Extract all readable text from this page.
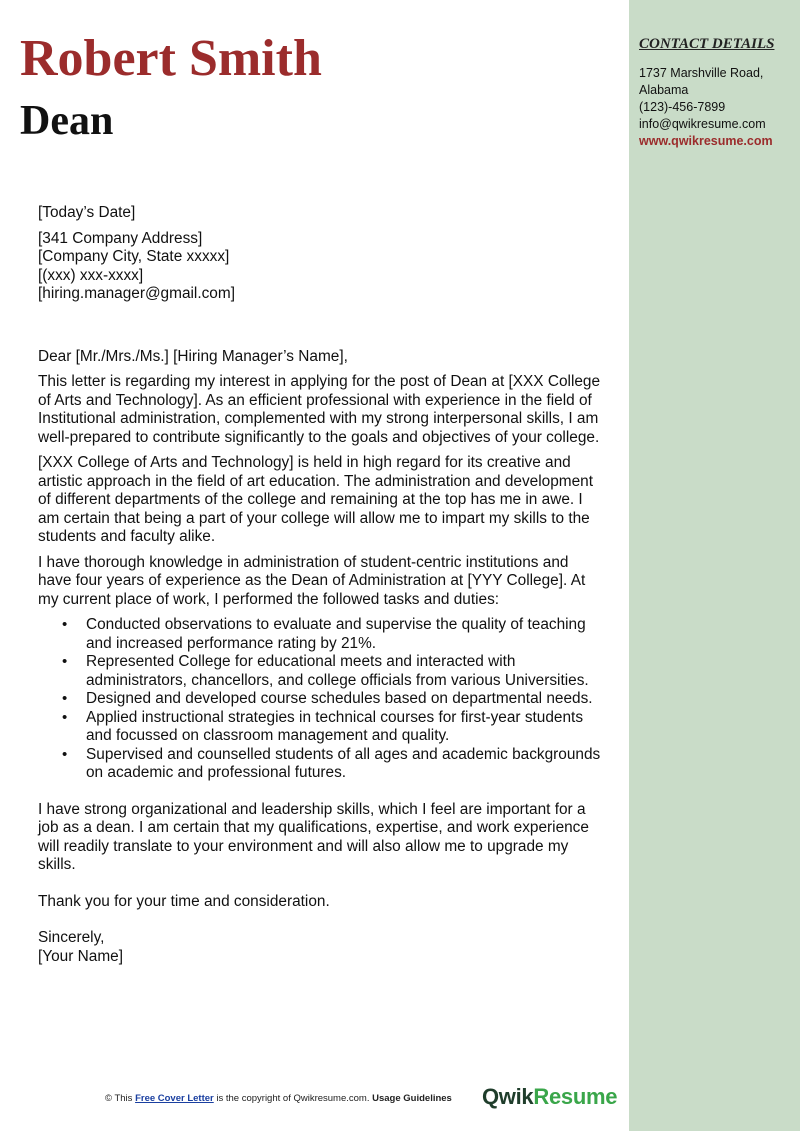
Robert Smith
Dean
CONTACT DETAILS
1737 Marshville Road,
Alabama
(123)-456-7899
info@qwikresume.com
www.qwikresume.com

[Today’s Date]

[341 Company Address]

[Company City, State xxxxx]

[(xxx) xxx-xxxx]

[hiring.manager@gmail.com]

Dear [Mr./Mrs./Ms.] [Hiring Manager’s Name],

This letter is regarding my interest in applying for the post of Dean at [XXX College of Arts and Technology]. As an efficient professional with experience in the field of Institutional administration, complemented with my strong interpersonal skills, I am well-prepared to contribute significantly to the goals and objectives of your college.

[XXX College of Arts and Technology] is held in high regard for its creative and artistic approach in the field of art education. The administration and development of different departments of the college and remaining at the top has me in awe. I am certain that being a part of your college will allow me to impart my skills to the students and faculty alike.

I have thorough knowledge in administration of student-centric institutions and have four years of experience as the Dean of Administration at [YYY College]. At my current place of work, I performed the followed tasks and duties:

• Conducted observations to evaluate and supervise the quality of teaching and increased performance rating by 21%.
• Represented College for educational meets and interacted with administrators, chancellors, and college officials from various Universities.
• Designed and developed course schedules based on departmental needs.
• Applied instructional strategies in technical courses for first-year students and focussed on classroom management and quality.
• Supervised and counselled students of all ages and academic backgrounds on academic and professional futures.

I have strong organizational and leadership skills, which I feel are important for a job as a dean. I am certain that my qualifications, expertise, and work experience will readily translate to your environment and will also allow me to upgrade my skills.

Thank you for your time and consideration.

Sincerely,

[Your Name]

© This Free Cover Letter is the copyright of Qwikresume.com. Usage Guidelines QwikResume
